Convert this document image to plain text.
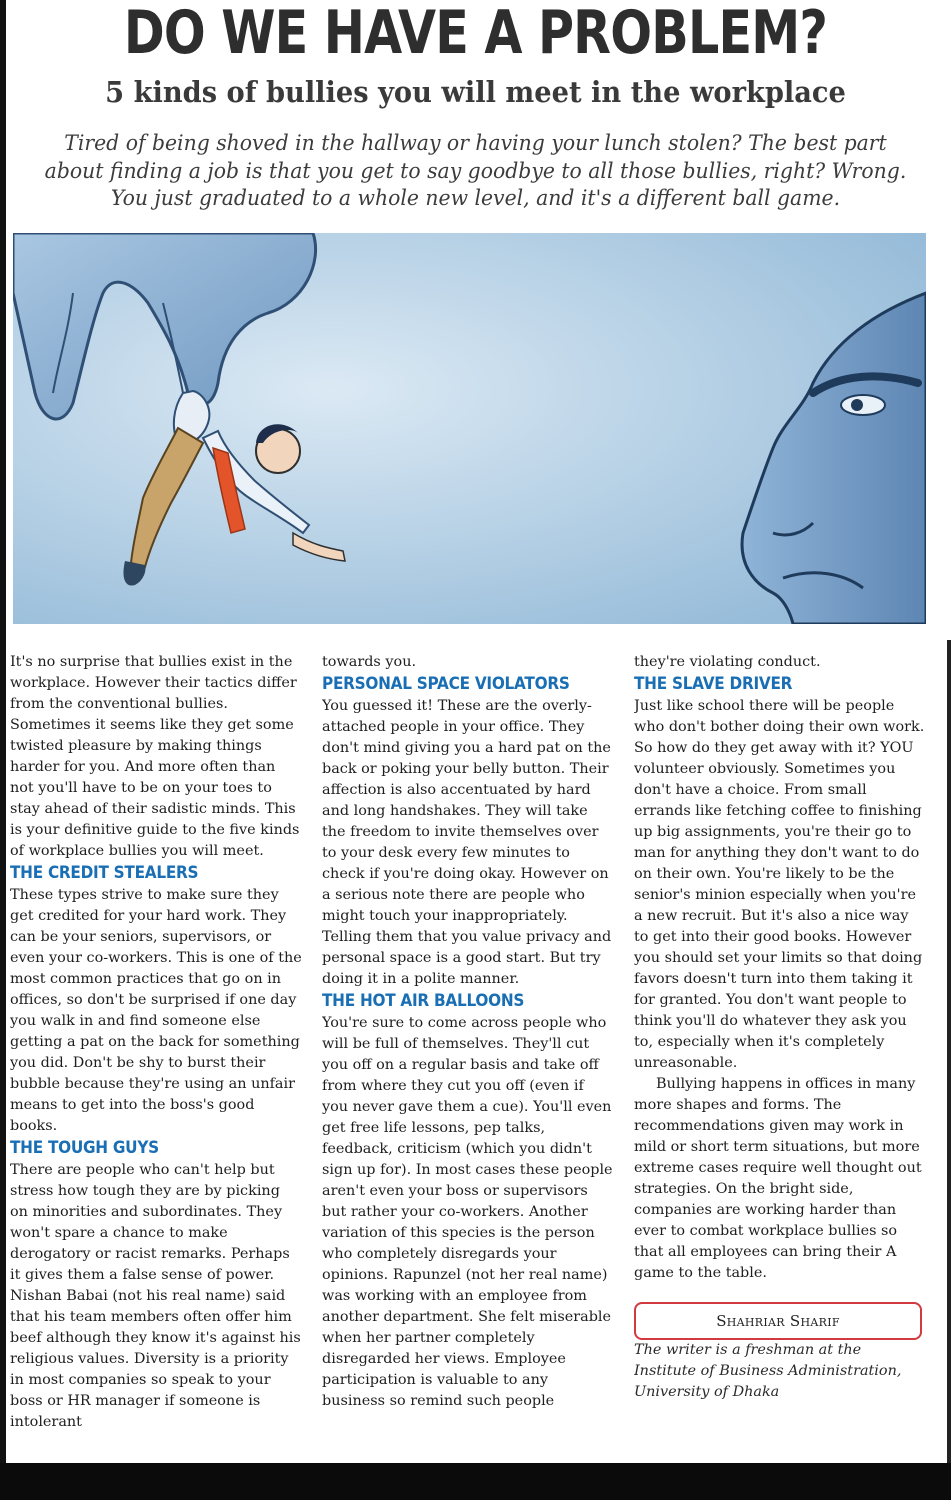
DO WE HAVE A PROBLEM?
5 kinds of bullies you will meet in the workplace

Tired of being shoved in the hallway or having your lunch stolen? The best part about finding a job is that you get to say goodbye to all those bullies, right? Wrong. You just graduated to a whole new level, and it's a different ball game.

It's no surprise that bullies exist in the workplace. However their tactics differ from the conventional bullies. Sometimes it seems like they get some twisted pleasure by making things harder for you. And more often than not you'll have to be on your toes to stay ahead of their sadistic minds. This is your definitive guide to the five kinds of workplace bullies you will meet.

THE CREDIT STEALERS

These types strive to make sure they get credited for your hard work. They can be your seniors, supervisors, or even your co-workers. This is one of the most common practices that go on in offices, so don't be surprised if one day you walk in and find someone else getting a pat on the back for something you did. Don't be shy to burst their bubble because they're using an unfair means to get into the boss's good books.

THE TOUGH GUYS

There are people who can't help but stress how tough they are by picking on minorities and subordinates. They won't spare a chance to make derogatory or racist remarks. Perhaps it gives them a false sense of power. Nishan Babai (not his real name) said that his team members often offer him beef although they know it's against his religious values. Diversity is a priority in most companies so speak to your boss or HR manager if someone is intolerant

towards you.

PERSONAL SPACE VIOLATORS

You guessed it! These are the overly-attached people in your office. They don't mind giving you a hard pat on the back or poking your belly button. Their affection is also accentuated by hard and long handshakes. They will take the freedom to invite themselves over to your desk every few minutes to check if you're doing okay. However on a serious note there are people who might touch your inappropriately. Telling them that you value privacy and personal space is a good start. But try doing it in a polite manner.

THE HOT AIR BALLOONS

You're sure to come across people who will be full of themselves. They'll cut you off on a regular basis and take off from where they cut you off (even if you never gave them a cue). You'll even get free life lessons, pep talks, feedback, criticism (which you didn't sign up for). In most cases these people aren't even your boss or supervisors but rather your co-workers. Another variation of this species is the person who completely disregards your opinions. Rapunzel (not her real name) was working with an employee from another department. She felt miserable when her partner completely disregarded her views. Employee participation is valuable to any business so remind such people

they're violating conduct.

THE SLAVE DRIVER

Just like school there will be people who don't bother doing their own work. So how do they get away with it? YOU volunteer obviously. Sometimes you don't have a choice. From small errands like fetching coffee to finishing up big assignments, you're their go to man for anything they don't want to do on their own. You're likely to be the senior's minion especially when you're a new recruit. But it's also a nice way to get into their good books. However you should set your limits so that doing favors doesn't turn into them taking it for granted. You don't want people to think you'll do whatever they ask you to, especially when it's completely unreasonable.

Bullying happens in offices in many more shapes and forms. The recommendations given may work in mild or short term situations, but more extreme cases require well thought out strategies. On the bright side, companies are working harder than ever to combat workplace bullies so that all employees can bring their A game to the table.

Shahriar Sharif

The writer is a freshman at the Institute of Business Administration, University of Dhaka
